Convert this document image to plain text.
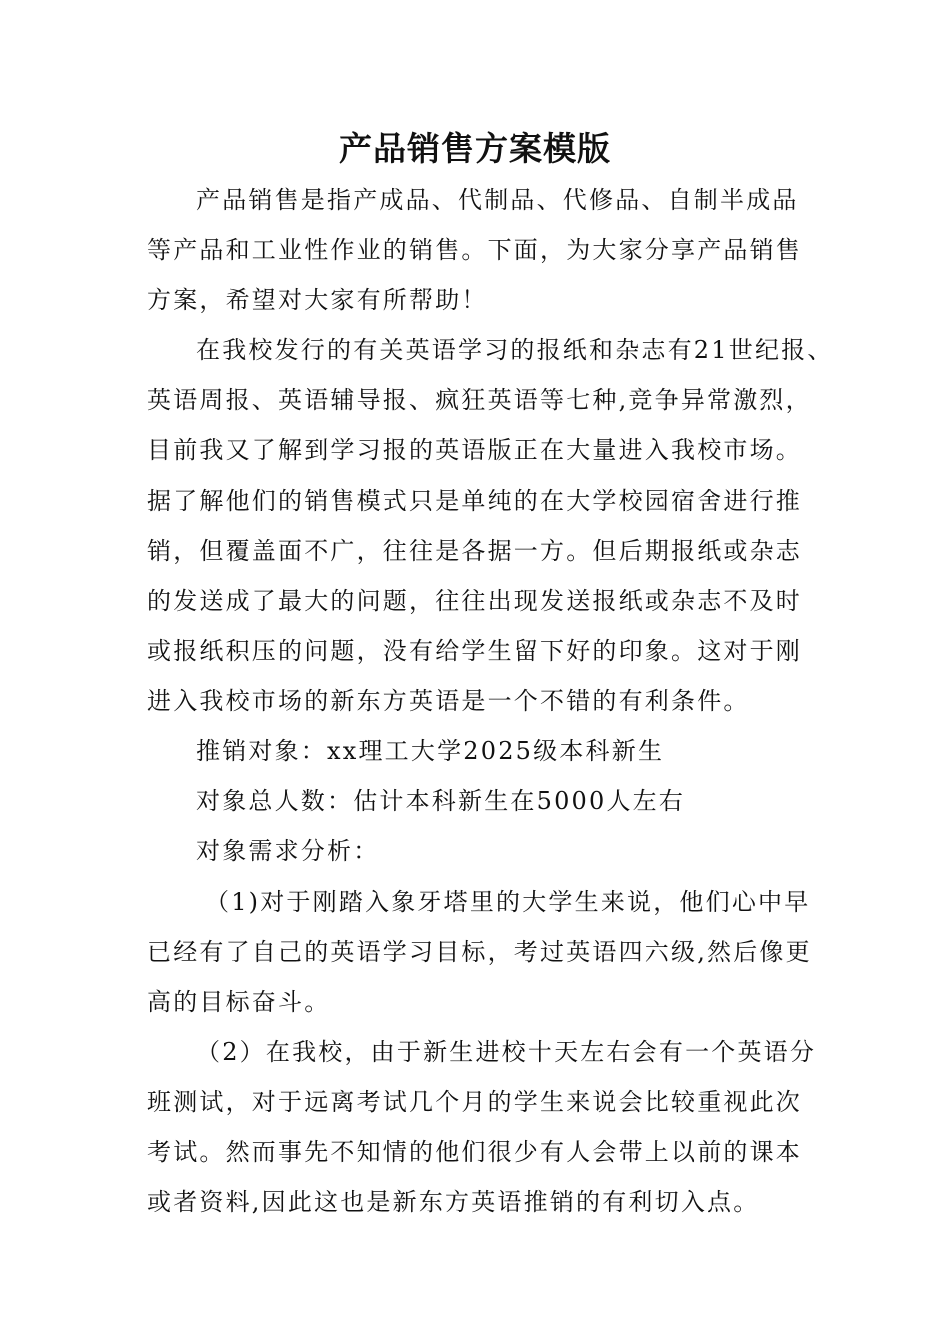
产品销售方案模版
产品销售是指产成品、代制品、代修品、自制半成品
等产品和工业性作业的销售。下面，为大家分享产品销售
方案，希望对大家有所帮助！
在我校发行的有关英语学习的报纸和杂志有21世纪报、
英语周报、英语辅导报、疯狂英语等七种,竞争异常激烈，
目前我又了解到学习报的英语版正在大量进入我校市场。
据了解他们的销售模式只是单纯的在大学校园宿舍进行推
销，但覆盖面不广，往往是各据一方。但后期报纸或杂志
的发送成了最大的问题，往往出现发送报纸或杂志不及时
或报纸积压的问题，没有给学生留下好的印象。这对于刚
进入我校市场的新东方英语是一个不错的有利条件。
推销对象：xx理工大学2025级本科新生
对象总人数：估计本科新生在5000人左右
对象需求分析：
（1)对于刚踏入象牙塔里的大学生来说，他们心中早
已经有了自己的英语学习目标，考过英语四六级,然后像更
高的目标奋斗。
（2）在我校，由于新生进校十天左右会有一个英语分
班测试，对于远离考试几个月的学生来说会比较重视此次
考试。然而事先不知情的他们很少有人会带上以前的课本
或者资料,因此这也是新东方英语推销的有利切入点。
